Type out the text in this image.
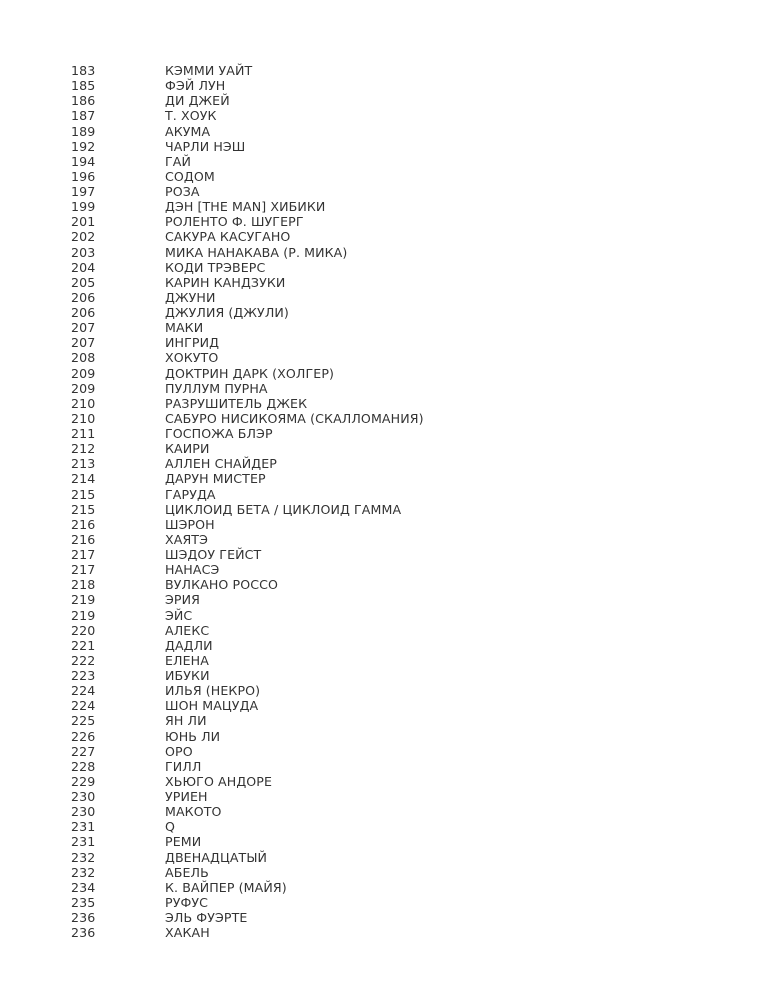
183	КЭММИ УАЙТ
185	ФЭЙ ЛУН
186	ДИ ДЖЕЙ
187	Т. ХОУК
189	АКУМА
192	ЧАРЛИ НЭШ
194	ГАЙ
196	СОДОМ
197	РОЗА
199	ДЭН [THE MAN] ХИБИКИ
201	РОЛЕНТО Ф. ШУГЕРГ
202	САКУРА КАСУГАНО
203	МИКА НАНАКАВА (Р. МИКА)
204	КОДИ ТРЭВЕРС
205	КАРИН КАНДЗУКИ
206	ДЖУНИ
206	ДЖУЛИЯ (ДЖУЛИ)
207	МАКИ
207	ИНГРИД
208	ХОКУТО
209	ДОКТРИН ДАРК (ХОЛГЕР)
209	ПУЛЛУМ ПУРНА
210	РАЗРУШИТЕЛЬ ДЖЕК
210	САБУРО НИСИКОЯМА (СКАЛЛОМАНИЯ)
211	ГОСПОЖА БЛЭР
212	КАИРИ
213	АЛЛЕН СНАЙДЕР
214	ДАРУН МИСТЕР
215	ГАРУДА
215	ЦИКЛОИД БЕТА / ЦИКЛОИД ГАММА
216	ШЭРОН
216	ХАЯТЭ
217	ШЭДОУ ГЕЙСТ
217	НАНАСЭ
218	ВУЛКАНО РОССО
219	ЭРИЯ
219	ЭЙС
220	АЛЕКС
221	ДАДЛИ
222	ЕЛЕНА
223	ИБУКИ
224	ИЛЬЯ (НЕКРО)
224	ШОН МАЦУДА
225	ЯН ЛИ
226	ЮНЬ ЛИ
227	ОРО
228	ГИЛЛ
229	ХЬЮГО АНДОРЕ
230	УРИЕН
230	МАКОТО
231	Q
231	РЕМИ
232	ДВЕНАДЦАТЫЙ
232	АБЕЛЬ
234	К. ВАЙПЕР (МАЙЯ)
235	РУФУС
236	ЭЛЬ ФУЭРТЕ
236	ХАКАН
